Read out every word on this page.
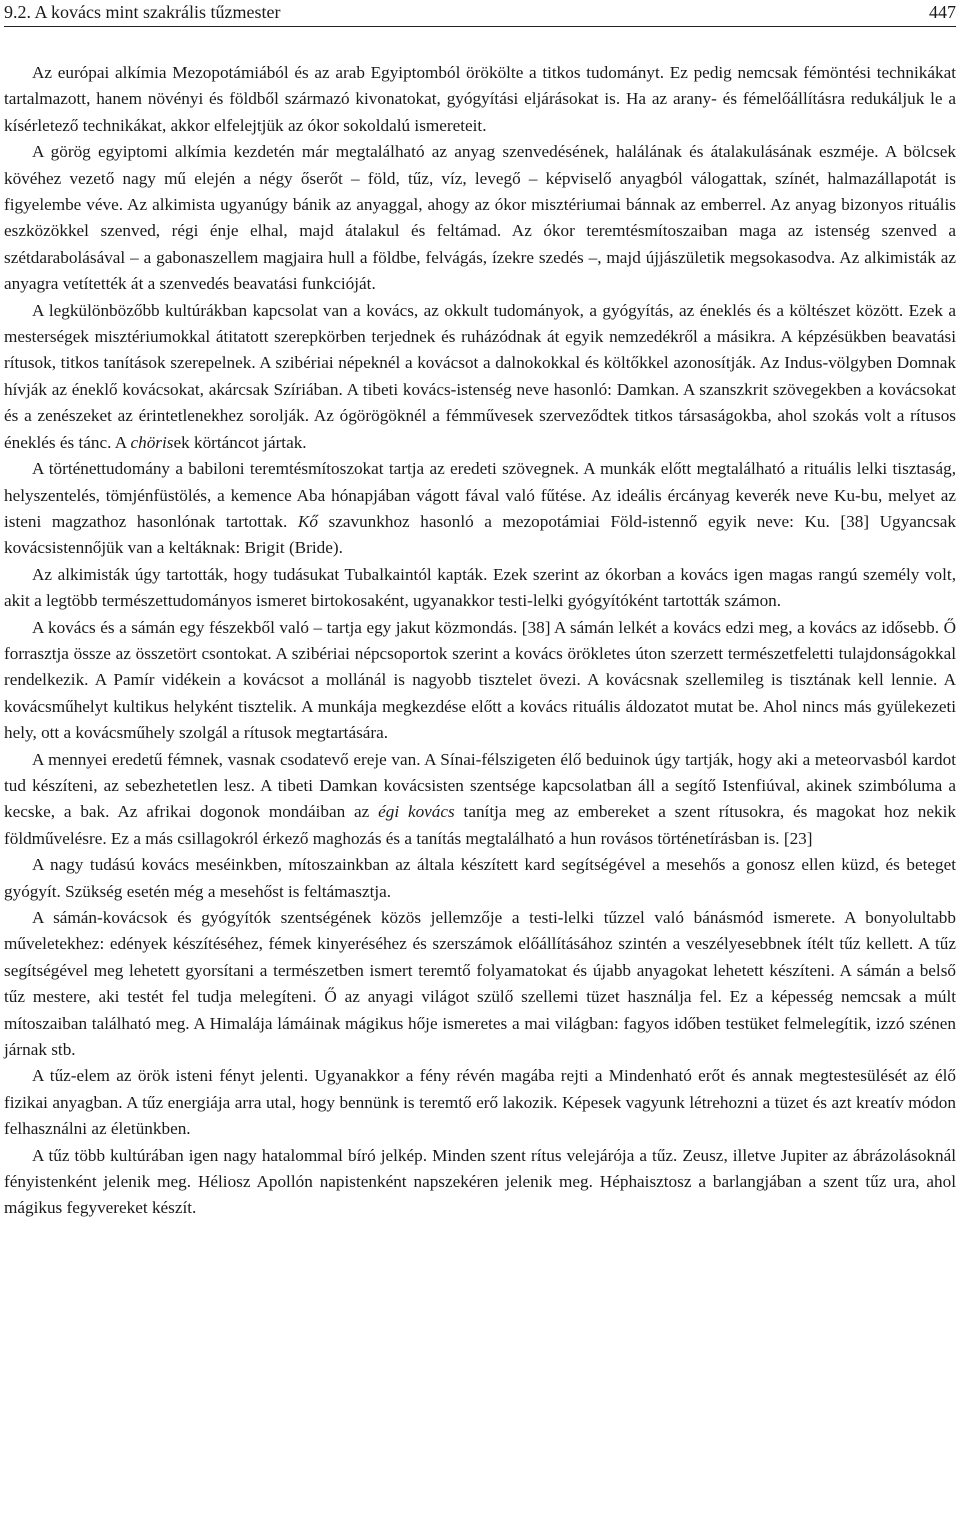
9.2. A kovács mint szakrális tűzmester	447

Az európai alkímia Mezopotámiából és az arab Egyiptomból örökölte a titkos tudományt. Ez pedig nemcsak fémöntési technikákat tartalmazott, hanem növényi és földből származó kivonatokat, gyógyítási eljárásokat is. Ha az arany- és fémelőállításra redukáljuk le a kísérletező technikákat, akkor elfelejtjük az ókor sokoldalú ismereteit.

A görög egyiptomi alkímia kezdetén már megtalálható az anyag szenvedésének, halálának és átalakulásának eszméje. A bölcsek kövéhez vezető nagy mű elején a négy őserőt – föld, tűz, víz, levegő – képviselő anyagból válogattak, színét, halmazállapotát is figyelembe véve. Az alkimista ugyanúgy bánik az anyaggal, ahogy az ókor misztériumai bánnak az emberrel. Az anyag bizonyos rituális eszközökkel szenved, régi énje elhal, majd átalakul és feltámad. Az ókor teremtésmítoszaiban maga az istenség szenved a szétdarabolásával – a gabonaszellem magjaira hull a földbe, felvágás, ízekre szedés –, majd újjászületik megsokasodva. Az alkimisták az anyagra vetítették át a szenvedés beavatási funkcióját.

A legkülönbözőbb kultúrákban kapcsolat van a kovács, az okkult tudományok, a gyógyítás, az éneklés és a költészet között. Ezek a mesterségek misztériumokkal átitatott szerepkörben terjednek és ruházódnak át egyik nemzedékről a másikra. A képzésükben beavatási rítusok, titkos tanítások szerepelnek. A szibériai népeknél a kovácsot a dalnokokkal és költőkkel azonosítják. Az Indus-völgyben Domnak hívják az éneklő kovácsokat, akárcsak Szíriában. A tibeti kovács-istenség neve hasonló: Damkan. A szanszkrit szövegekben a kovácsokat és a zenészeket az érintetlenekhez sorolják. Az ógörögöknél a fémművesek szerveződtek titkos társaságokba, ahol szokás volt a rítusos éneklés és tánc. A chörisek körtáncot jártak.

A történettudomány a babiloni teremtésmítoszokat tartja az eredeti szövegnek. A munkák előtt megtalálható a rituális lelki tisztaság, helyszentelés, tömjénfüstölés, a kemence Aba hónapjában vágott fával való fűtése. Az ideális ércányag keverék neve Ku-bu, melyet az isteni magzathoz hasonlónak tartottak. Kő szavunkhoz hasonló a mezopotámiai Föld-istennő egyik neve: Ku. [38] Ugyancsak kovácsistennőjük van a keltáknak: Brigit (Bride).

Az alkimisták úgy tartották, hogy tudásukat Tubalkaintól kapták. Ezek szerint az ókorban a kovács igen magas rangú személy volt, akit a legtöbb természettudományos ismeret birtokosaként, ugyanakkor testi-lelki gyógyítóként tartották számon.

A kovács és a sámán egy fészekből való – tartja egy jakut közmondás. [38] A sámán lelkét a kovács edzi meg, a kovács az idősebb. Ő forrasztja össze az összetört csontokat. A szibériai népcsoportok szerint a kovács örökletes úton szerzett természetfeletti tulajdonságokkal rendelkezik. A Pamír vidékein a kovácsot a mollánál is nagyobb tisztelet övezi. A kovácsnak szellemileg is tisztának kell lennie. A kovácsműhelyt kultikus helyként tisztelik. A munkája megkezdése előtt a kovács rituális áldozatot mutat be. Ahol nincs más gyülekezeti hely, ott a kovácsműhely szolgál a rítusok megtartására.

A mennyei eredetű fémnek, vasnak csodatevő ereje van. A Sínai-félszigeten élő beduinok úgy tartják, hogy aki a meteorvasból kardot tud készíteni, az sebezhetetlen lesz. A tibeti Damkan kovácsisten szentsége kapcsolatban áll a segítő Istenfiúval, akinek szimbóluma a kecske, a bak. Az afrikai dogonok mondáiban az égi kovács tanítja meg az embereket a szent rítusokra, és magokat hoz nekik földművelésre. Ez a más csillagokról érkező maghozás és a tanítás megtalálható a hun rovásos történetírásban is. [23]

A nagy tudású kovács meséinkben, mítoszainkban az általa készített kard segítségével a mesehős a gonosz ellen küzd, és beteget gyógyít. Szükség esetén még a mesehőst is feltámasztja.

A sámán-kovácsok és gyógyítók szentségének közös jellemzője a testi-lelki tűzzel való bánásmód ismerete. A bonyolultabb műveletekhez: edények készítéséhez, fémek kinyeréséhez és szerszámok előállításához szintén a veszélyesebbnek ítélt tűz kellett. A tűz segítségével meg lehetett gyorsítani a természetben ismert teremtő folyamatokat és újabb anyagokat lehetett készíteni. A sámán a belső tűz mestere, aki testét fel tudja melegíteni. Ő az anyagi világot szülő szellemi tüzet használja fel. Ez a képesség nemcsak a múlt mítoszaiban található meg. A Himalája lámáinak mágikus hője ismeretes a mai világban: fagyos időben testüket felmelegítik, izzó szénen járnak stb.

A tűz-elem az örök isteni fényt jelenti. Ugyanakkor a fény révén magába rejti a Mindenható erőt és annak megtestesülését az élő fizikai anyagban. A tűz energiája arra utal, hogy bennünk is teremtő erő lakozik. Képesek vagyunk létrehozni a tüzet és azt kreatív módon felhasználni az életünkben.

A tűz több kultúrában igen nagy hatalommal bíró jelkép. Minden szent rítus velejárója a tűz. Zeusz, illetve Jupiter az ábrázolásoknál fényistenként jelenik meg. Héliosz Apollón napistenként napszekéren jelenik meg. Héphaisztosz a barlangjában a szent tűz ura, ahol mágikus fegyvereket készít.
